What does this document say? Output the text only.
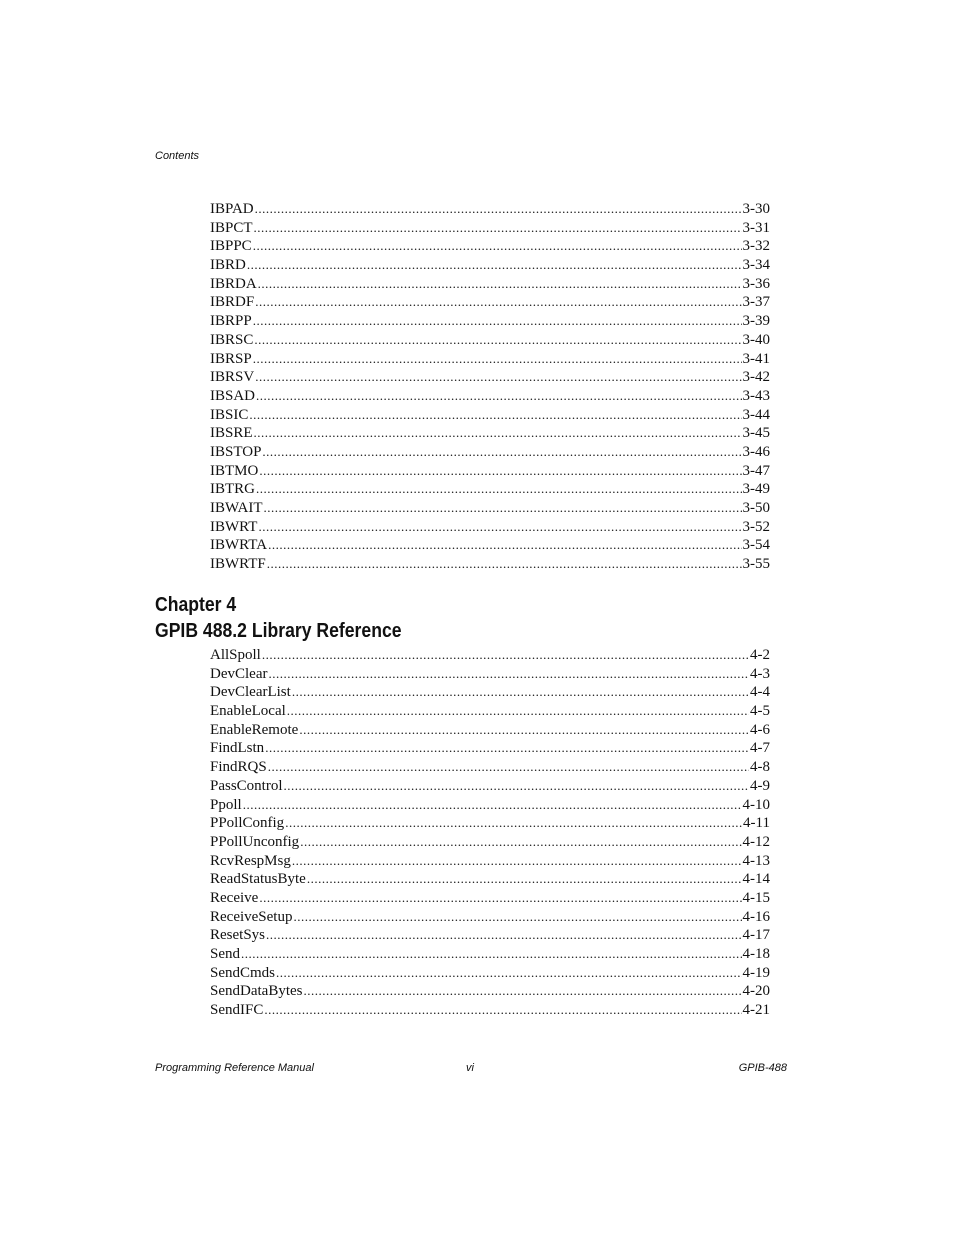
Contents
IBPAD .....	3-30
IBPCT .....	3-31
IBPPC .....	3-32
IBRD .....	3-34
IBRDA .....	3-36
IBRDF .....	3-37
IBRPP .....	3-39
IBRSC .....	3-40
IBRSP .....	3-41
IBRSV .....	3-42
IBSAD .....	3-43
IBSIC .....	3-44
IBSRE .....	3-45
IBSTOP .....	3-46
IBTMO .....	3-47
IBTRG .....	3-49
IBWAIT .....	3-50
IBWRT .....	3-52
IBWRTA .....	3-54
IBWRTF .....	3-55
Chapter 4
GPIB 488.2 Library Reference
AllSpoll .....	4-2
DevClear .....	4-3
DevClearList .....	4-4
EnableLocal .....	4-5
EnableRemote .....	4-6
FindLstn .....	4-7
FindRQS .....	4-8
PassControl .....	4-9
Ppoll .....	4-10
PPollConfig .....	4-11
PPollUnconfig .....	4-12
RcvRespMsg .....	4-13
ReadStatusByte .....	4-14
Receive .....	4-15
ReceiveSetup .....	4-16
ResetSys .....	4-17
Send .....	4-18
SendCmds .....	4-19
SendDataBytes .....	4-20
SendIFC .....	4-21
Programming Reference Manual	vi	GPIB-488
